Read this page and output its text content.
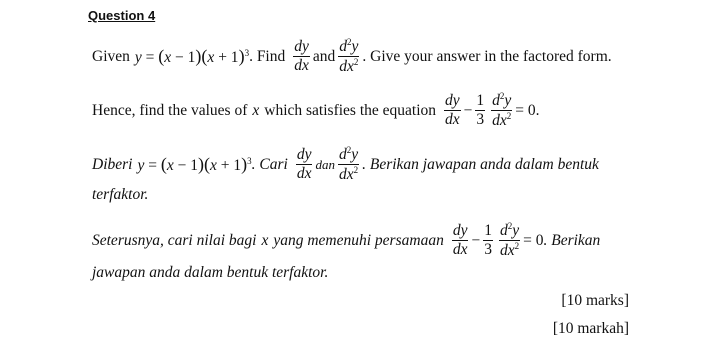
Question 4
Given $y = (x - 1)(x + 1)^3$ . Find $\frac{dy}{dx}$ and $\frac{d^2y}{dx^2}$ . Give your answer in the factored form.
Hence, find the values of x which satisfies the equation $\frac{dy}{dx} - \frac{1}{3} \frac{d^2y}{dx^2} = 0$.
Diberi $y = (x - 1)(x + 1)^3$ . Cari $\frac{dy}{dx}$ dan $\frac{d^2y}{dx^2}$ . Berikan jawapan anda dalam bentuk
terfaktor.
Seterusnya, cari nilai bagi x yang memenuhi persamaan $\frac{dy}{dx} - \frac{1}{3} \frac{d^2y}{dx^2} = 0$ . Berikan
jawapan anda dalam bentuk terfaktor.
[10 marks]
[10 markah]
